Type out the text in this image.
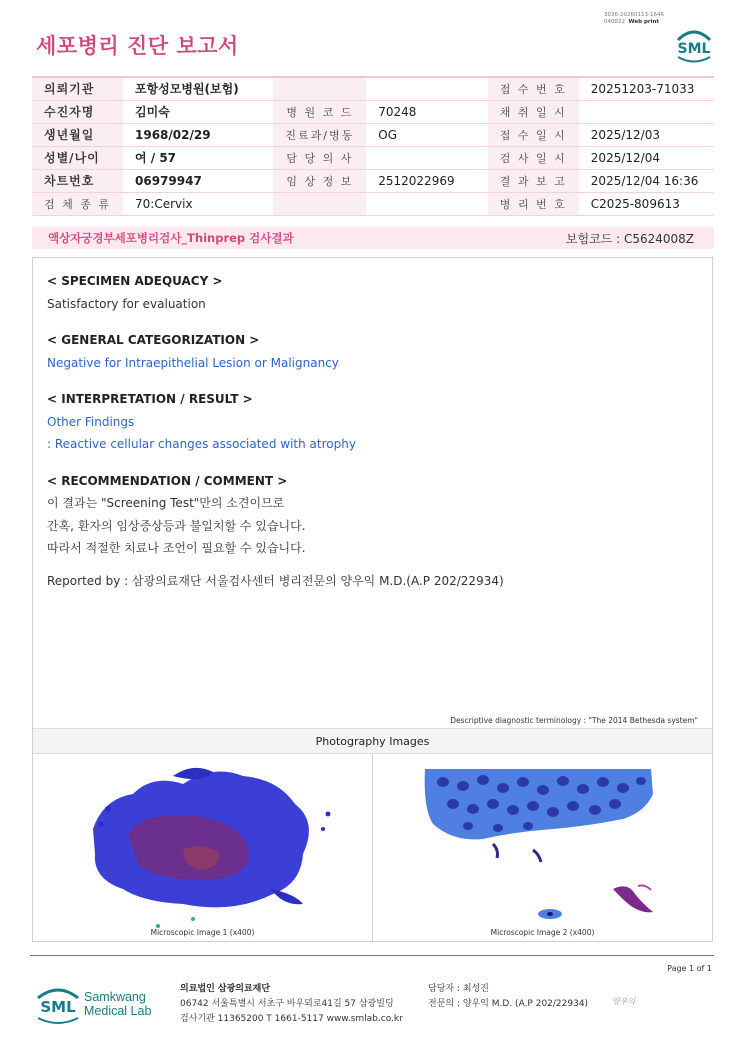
3036-20260113-1646
040822 Web print
세포병리 진단 보고서	SML
의뢰기관	포항성모병원(보험)			접 수 번 호	20251203-71033
수진자명	김미숙	병 원 코 드	70248	채 취 일 시	
생년월일	1968/02/29	진료과/병동	OG	접 수 일 시	2025/12/03
성별/나이	여 / 57	담 당 의 사		검 사 일 시	2025/12/04
차트번호	06979947	임 상 정 보	2512022969	결 과 보 고	2025/12/04 16:36
검 체 종 류	70:Cervix			병 리 번 호	C2025-809613
액상자궁경부세포병리검사_Thinprep 검사결과	보험코드 : C5624008Z
< SPECIMEN ADEQUACY >
Satisfactory for evaluation
< GENERAL CATEGORIZATION >
Negative for Intraepithelial Lesion or Malignancy
< INTERPRETATION / RESULT >
Other Findings
: Reactive cellular changes associated with atrophy
< RECOMMENDATION / COMMENT >
이 결과는 "Screening Test"만의 소견이므로
간혹, 환자의 임상증상등과 불일치할 수 있습니다.
따라서 적절한 치료나 조언이 필요할 수 있습니다.
Reported by : 삼광의료재단 서울검사센터 병리전문의 양우익 M.D.(A.P 202/22934)
Descriptive diagnostic terminology : "The 2014 Bethesda system"
Photography Images
Microscopic Image 1 (x400)	Microscopic Image 2 (x400)
Page 1 of 1
SML
Samkwang
Medical Lab
의료법인 삼광의료재단
06742 서울특별시 서초구 바우뫼로41길 57 삼광빌딩
검사기관 11365200 T 1661-5117 www.smlab.co.kr
담당자 : 최성진
전문의 : 양우익 M.D. (A.P 202/22934)	양우익
